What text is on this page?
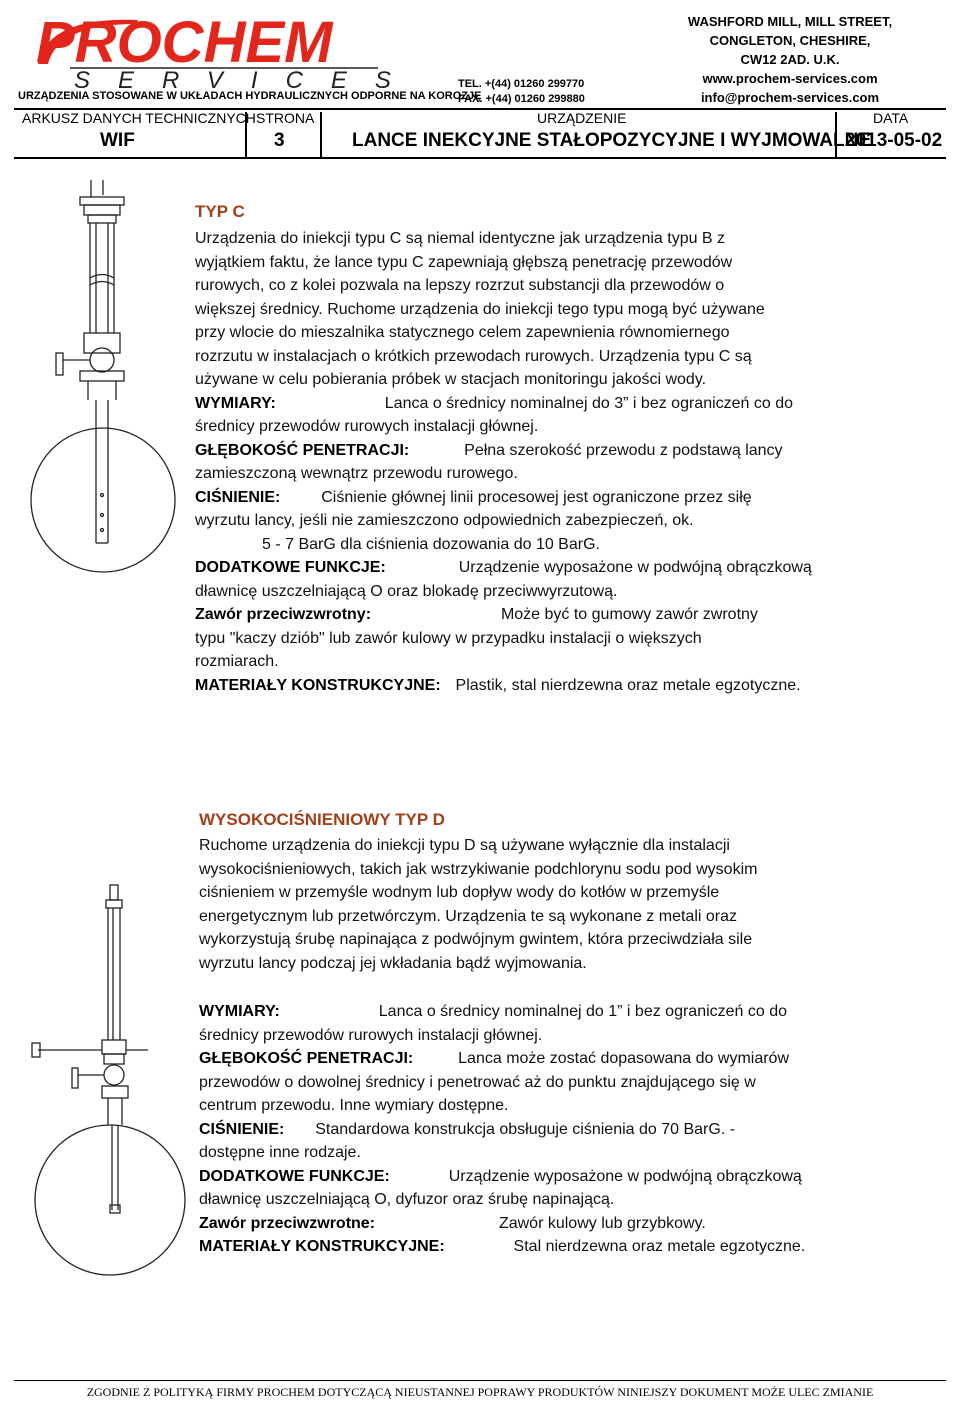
PROCHEM
SERVICES
URZĄDZENIA STOSOWANE W UKŁADACH HYDRAULICZNYCH ODPORNE NA KOROZJĘ
TEL. +(44) 01260 299770
FAX. +(44) 01260 299880
WASHFORD MILL, MILL STREET,
CONGLETON, CHESHIRE,
CW12 2AD. U.K.
www.prochem-services.com
info@prochem-services.com
ARKUSZ DANYCH TECHNICZNYCH
WIF
STRONA
3
URZĄDZENIE
LANCE INEKCYJNE STAŁOPOZYCYJNE I WYJMOWALNE
DATA
2013-05-02
TYP C
Urządzenia do iniekcji typu C są niemal identyczne jak urządzenia typu B z
wyjątkiem faktu, że lance typu C zapewniają głębszą penetrację przewodów
rurowych, co z kolei pozwala na lepszy rozrzut substancji dla przewodów o
większej średnicy. Ruchome urządzenia do iniekcji tego typu mogą być używane
przy wlocie do mieszalnika statycznego celem zapewnienia równomiernego
rozrzutu w instalacjach o krótkich przewodach rurowych. Urządzenia typu C są
używane w celu pobierania próbek w stacjach monitoringu jakości wody.
WYMIARY:	Lanca o średnicy nominalnej do 3” i bez ograniczeń co do
średnicy przewodów rurowych instalacji głównej.
GŁĘBOKOŚĆ PENETRACJI:	Pełna szerokość przewodu z podstawą lancy
zamieszczoną wewnątrz przewodu rurowego.
CIŚNIENIE:	Ciśnienie głównej linii procesowej jest ograniczone przez siłę
wyrzutu lancy, jeśli nie zamieszczono odpowiednich zabezpieczeń, ok.
5 - 7 BarG dla ciśnienia dozowania do 10 BarG.
DODATKOWE FUNKCJE:	Urządzenie wyposażone w podwójną obrączkową
dławnicę uszczelniającą O oraz blokadę przeciwwyrzutową.
Zawór przeciwzwrotny:	Może być to gumowy zawór zwrotny
typu "kaczy dziób" lub zawór kulowy w przypadku instalacji o większych
rozmiarach.
MATERIAŁY KONSTRUKCYJNE: Plastik, stal nierdzewna oraz metale egzotyczne.
WYSOKOCIŚNIENIOWY TYP D
Ruchome urządzenia do iniekcji typu D są używane wyłącznie dla instalacji
wysokociśnieniowych, takich jak wstrzykiwanie podchlorynu sodu pod wysokim
ciśnieniem w przemyśle wodnym lub dopływ wody do kotłów w przemyśle
energetycznym lub przetwórczym. Urządzenia te są wykonane z metali oraz
wykorzystują śrubę napinająca z podwójnym gwintem, która przeciwdziała sile
wyrzutu lancy podczaj jej wkładania bądź wyjmowania.
WYMIARY:	Lanca o średnicy nominalnej do 1” i bez ograniczeń co do
średnicy przewodów rurowych instalacji głównej.
GŁĘBOKOŚĆ PENETRACJI:	Lanca może zostać dopasowana do wymiarów
przewodów o dowolnej średnicy i penetrować aż do punktu znajdującego się w
centrum przewodu. Inne wymiary dostępne.
CIŚNIENIE: Standardowa konstrukcja obsługuje ciśnienia do 70 BarG. -
dostępne inne rodzaje.
DODATKOWE FUNKCJE:	Urządzenie wyposażone w podwójną obrączkową
dławnicę uszczelniającą O, dyfuzor oraz śrubę napinającą.
Zawór przeciwzwrotne:	Zawór kulowy lub grzybkowy.
MATERIAŁY KONSTRUKCYJNE:	Stal nierdzewna oraz metale egzotyczne.
ZGODNIE Z POLITYKĄ FIRMY PROCHEM DOTYCZĄCĄ NIEUSTANNEJ POPRAWY PRODUKTÓW NINIEJSZY DOKUMENT MOŻE ULEC ZMIANIE
